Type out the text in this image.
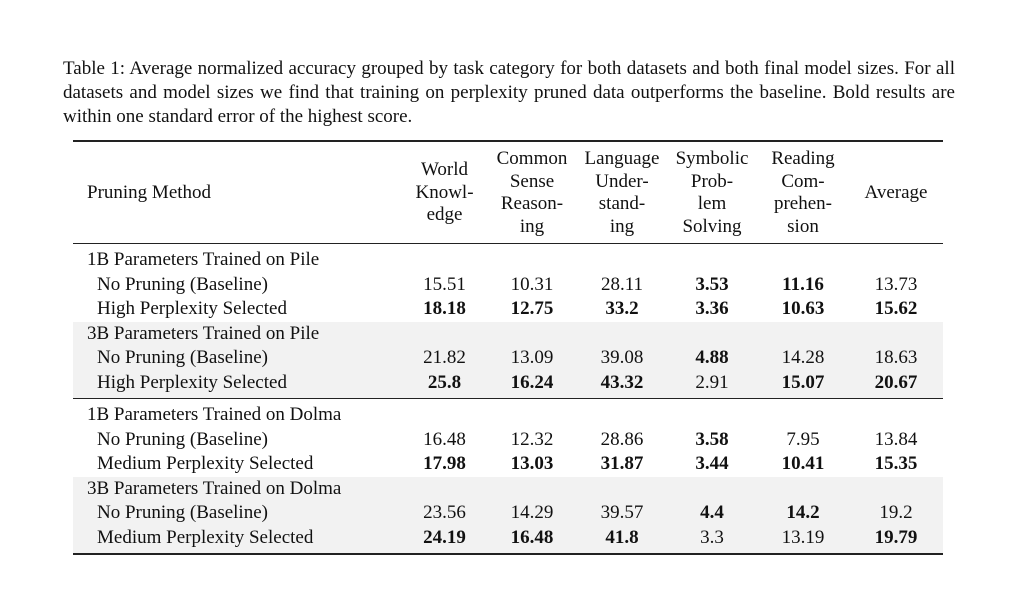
Table 1: Average normalized accuracy grouped by task category for both datasets and both final model sizes. For all datasets and model sizes we find that training on perplexity pruned data outperforms the baseline. Bold results are within one standard error of the highest score.

Pruning Method	World
Knowl-
edge	Common
Sense
Reason-
ing	Language
Under-
stand-
ing	Symbolic
Prob-
lem
Solving	Reading
Com-
prehen-
sion	Average
1B Parameters Trained on Pile						
No Pruning (Baseline)	15.51	10.31	28.11	3.53	11.16	13.73
High Perplexity Selected	18.18	12.75	33.2	3.36	10.63	15.62
3B Parameters Trained on Pile						
No Pruning (Baseline)	21.82	13.09	39.08	4.88	14.28	18.63
High Perplexity Selected	25.8	16.24	43.32	2.91	15.07	20.67
1B Parameters Trained on Dolma						
No Pruning (Baseline)	16.48	12.32	28.86	3.58	7.95	13.84
Medium Perplexity Selected	17.98	13.03	31.87	3.44	10.41	15.35
3B Parameters Trained on Dolma						
No Pruning (Baseline)	23.56	14.29	39.57	4.4	14.2	19.2
Medium Perplexity Selected	24.19	16.48	41.8	3.3	13.19	19.79
